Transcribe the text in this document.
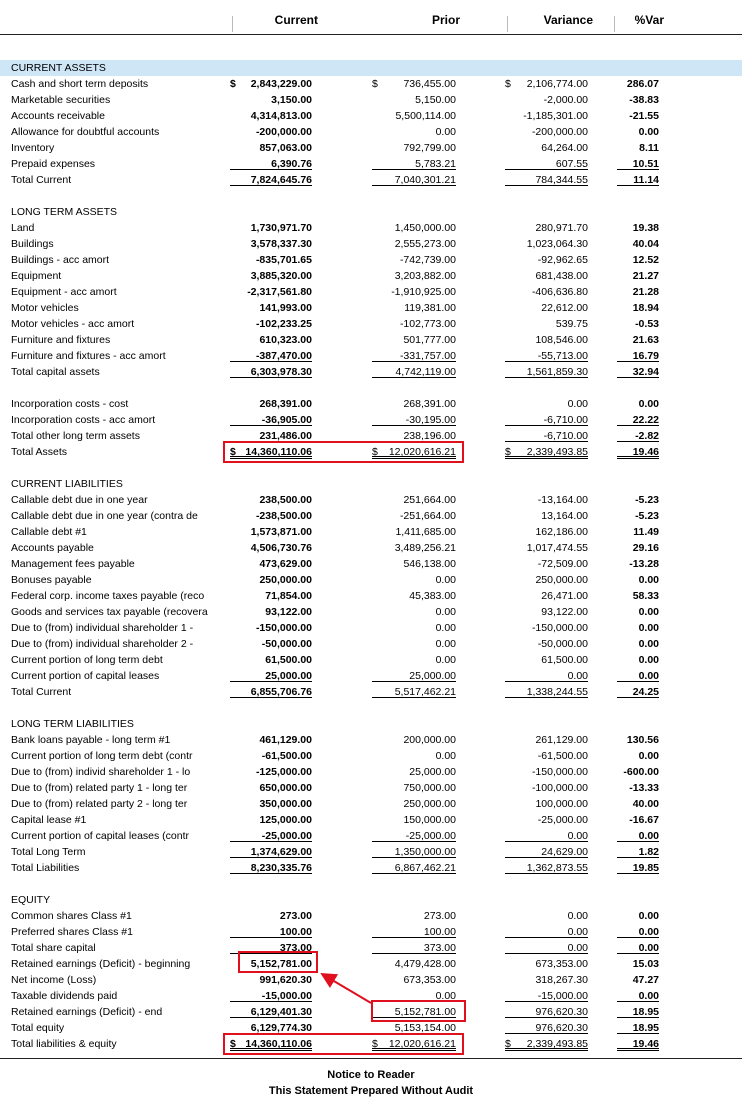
Current	Prior	Variance	%Var
CURRENT ASSETS
Cash and short term deposits	$ 2,843,229.00	$ 736,455.00	$ 2,106,774.00	286.07
Marketable securities	3,150.00	5,150.00	-2,000.00	-38.83
Accounts receivable	4,314,813.00	5,500,114.00	-1,185,301.00	-21.55
Allowance for doubtful accounts	-200,000.00	0.00	-200,000.00	0.00
Inventory	857,063.00	792,799.00	64,264.00	8.11
Prepaid expenses	6,390.76	5,783.21	607.55	10.51
Total Current	7,824,645.76	7,040,301.21	784,344.55	11.14
LONG TERM ASSETS
Land	1,730,971.70	1,450,000.00	280,971.70	19.38
Buildings	3,578,337.30	2,555,273.00	1,023,064.30	40.04
Buildings - acc amort	-835,701.65	-742,739.00	-92,962.65	12.52
Equipment	3,885,320.00	3,203,882.00	681,438.00	21.27
Equipment - acc amort	-2,317,561.80	-1,910,925.00	-406,636.80	21.28
Motor vehicles	141,993.00	119,381.00	22,612.00	18.94
Motor vehicles - acc amort	-102,233.25	-102,773.00	539.75	-0.53
Furniture and fixtures	610,323.00	501,777.00	108,546.00	21.63
Furniture and fixtures - acc amort	-387,470.00	-331,757.00	-55,713.00	16.79
Total capital assets	6,303,978.30	4,742,119.00	1,561,859.30	32.94
Incorporation costs - cost	268,391.00	268,391.00	0.00	0.00
Incorporation costs - acc amort	-36,905.00	-30,195.00	-6,710.00	22.22
Total other long term assets	231,486.00	238,196.00	-6,710.00	-2.82
Total Assets	$ 14,360,110.06	$ 12,020,616.21	$ 2,339,493.85	19.46
CURRENT LIABILITIES
Callable debt due in one year	238,500.00	251,664.00	-13,164.00	-5.23
Callable debt due in one year (contra de	-238,500.00	-251,664.00	13,164.00	-5.23
Callable debt #1	1,573,871.00	1,411,685.00	162,186.00	11.49
Accounts payable	4,506,730.76	3,489,256.21	1,017,474.55	29.16
Management fees payable	473,629.00	546,138.00	-72,509.00	-13.28
Bonuses payable	250,000.00	0.00	250,000.00	0.00
Federal corp. income taxes payable (reco	71,854.00	45,383.00	26,471.00	58.33
Goods and services tax payable (recovera	93,122.00	0.00	93,122.00	0.00
Due to (from) individual shareholder 1 -	-150,000.00	0.00	-150,000.00	0.00
Due to (from) individual shareholder 2 -	-50,000.00	0.00	-50,000.00	0.00
Current portion of long term debt	61,500.00	0.00	61,500.00	0.00
Current portion of capital leases	25,000.00	25,000.00	0.00	0.00
Total Current	6,855,706.76	5,517,462.21	1,338,244.55	24.25
LONG TERM LIABILITIES
Bank loans payable - long term #1	461,129.00	200,000.00	261,129.00	130.56
Current portion of long term debt (contr	-61,500.00	0.00	-61,500.00	0.00
Due to (from) individ shareholder 1 - lo	-125,000.00	25,000.00	-150,000.00	-600.00
Due to (from) related party 1 - long ter	650,000.00	750,000.00	-100,000.00	-13.33
Due to (from) related party 2 - long ter	350,000.00	250,000.00	100,000.00	40.00
Capital lease #1	125,000.00	150,000.00	-25,000.00	-16.67
Current portion of capital leases (contr	-25,000.00	-25,000.00	0.00	0.00
Total Long Term	1,374,629.00	1,350,000.00	24,629.00	1.82
Total Liabilities	8,230,335.76	6,867,462.21	1,362,873.55	19.85
EQUITY
Common shares Class #1	273.00	273.00	0.00	0.00
Preferred shares Class #1	100.00	100.00	0.00	0.00
Total share capital	373.00	373.00	0.00	0.00
Retained earnings (Deficit) - beginning	5,152,781.00	4,479,428.00	673,353.00	15.03
Net income (Loss)	991,620.30	673,353.00	318,267.30	47.27
Taxable dividends paid	-15,000.00	0.00	-15,000.00	0.00
Retained earnings (Deficit) - end	6,129,401.30	5,152,781.00	976,620.30	18.95
Total equity	6,129,774.30	5,153,154.00	976,620.30	18.95
Total liabilities & equity	$ 14,360,110.06	$ 12,020,616.21	$ 2,339,493.85	19.46
Notice to Reader
This Statement Prepared Without Audit
